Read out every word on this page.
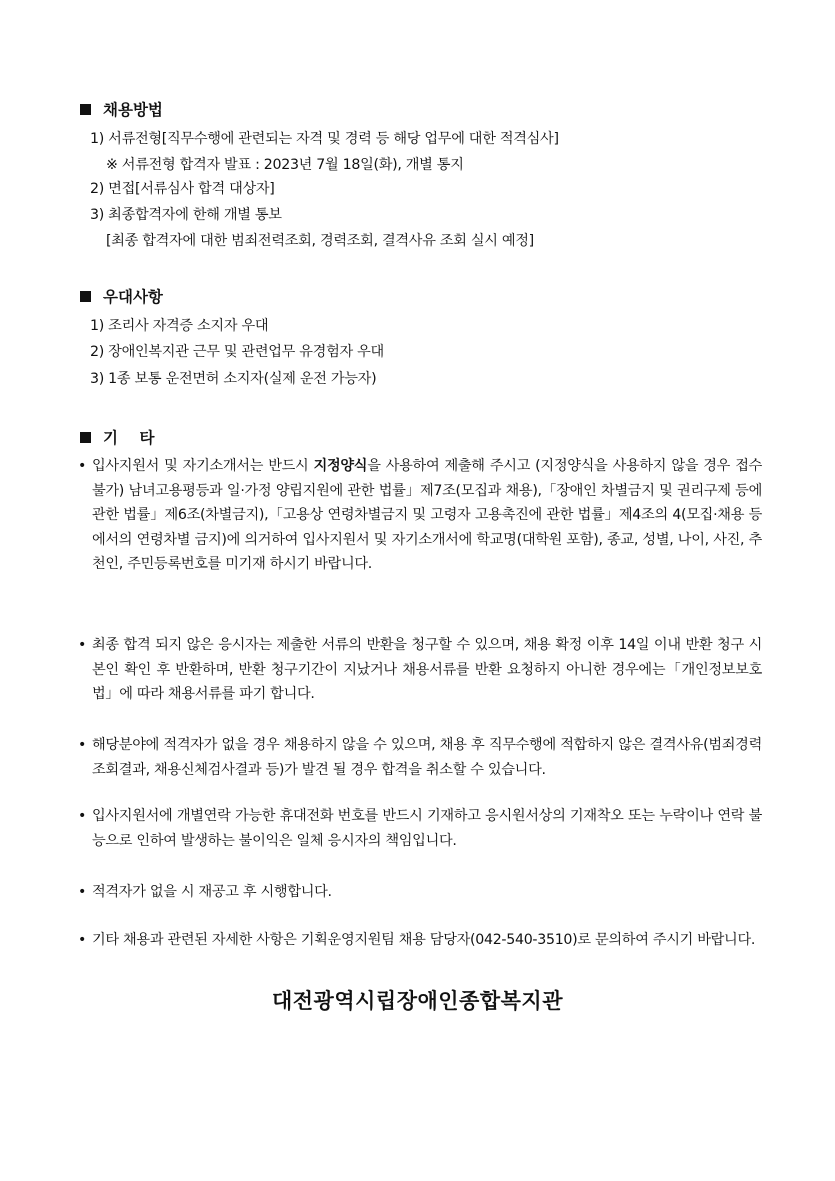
채용방법
1) 서류전형[직무수행에 관련되는 자격 및 경력 등 해당 업무에 대한 적격심사]
※ 서류전형 합격자 발표 : 2023년 7월 18일(화), 개별 통지
2) 면접[서류심사 합격 대상자]
3) 최종합격자에 한해 개별 통보
[최종 합격자에 대한 범죄전력조회, 경력조회, 결격사유 조회 실시 예정]
우대사항
1) 조리사 자격증 소지자 우대
2) 장애인복지관 근무 및 관련업무 유경험자 우대
3) 1종 보통 운전면허 소지자(실제 운전 가능자)
기    타
• 입사지원서 및 자기소개서는 반드시 지정양식을 사용하여 제출해 주시고 (지정양식을 사용하지 않을 경우 접수 불가) 남녀고용평등과 일·가정 양립지원에 관한 법률」제7조(모집과 채용),「장애인 차별금지 및 권리구제 등에 관한 법률」제6조(차별금지),「고용상 연령차별금지 및 고령자 고용촉진에 관한 법률」제4조의 4(모집·채용 등에서의 연령차별 금지)에 의거하여 입사지원서 및 자기소개서에 학교명(대학원 포함), 종교, 성별, 나이, 사진, 추천인, 주민등록번호를 미기재 하시기 바랍니다.
• 최종 합격 되지 않은 응시자는 제출한 서류의 반환을 청구할 수 있으며, 채용 확정 이후 14일 이내 반환 청구 시 본인 확인 후 반환하며, 반환 청구기간이 지났거나 채용서류를 반환 요청하지 아니한 경우에는「개인정보보호법」에 따라 채용서류를 파기 합니다.
• 해당분야에 적격자가 없을 경우 채용하지 않을 수 있으며, 채용 후 직무수행에 적합하지 않은 결격사유(범죄경력조회결과, 채용신체검사결과 등)가 발견 될 경우 합격을 취소할 수 있습니다.
• 입사지원서에 개별연락 가능한 휴대전화 번호를 반드시 기재하고 응시원서상의 기재착오 또는 누락이나 연락 불능으로 인하여 발생하는 불이익은 일체 응시자의 책임입니다.
• 적격자가 없을 시 재공고 후 시행합니다.
• 기타 채용과 관련된 자세한 사항은 기획운영지원팀 채용 담당자(042-540-3510)로 문의하여 주시기 바랍니다.
대전광역시립장애인종합복지관
